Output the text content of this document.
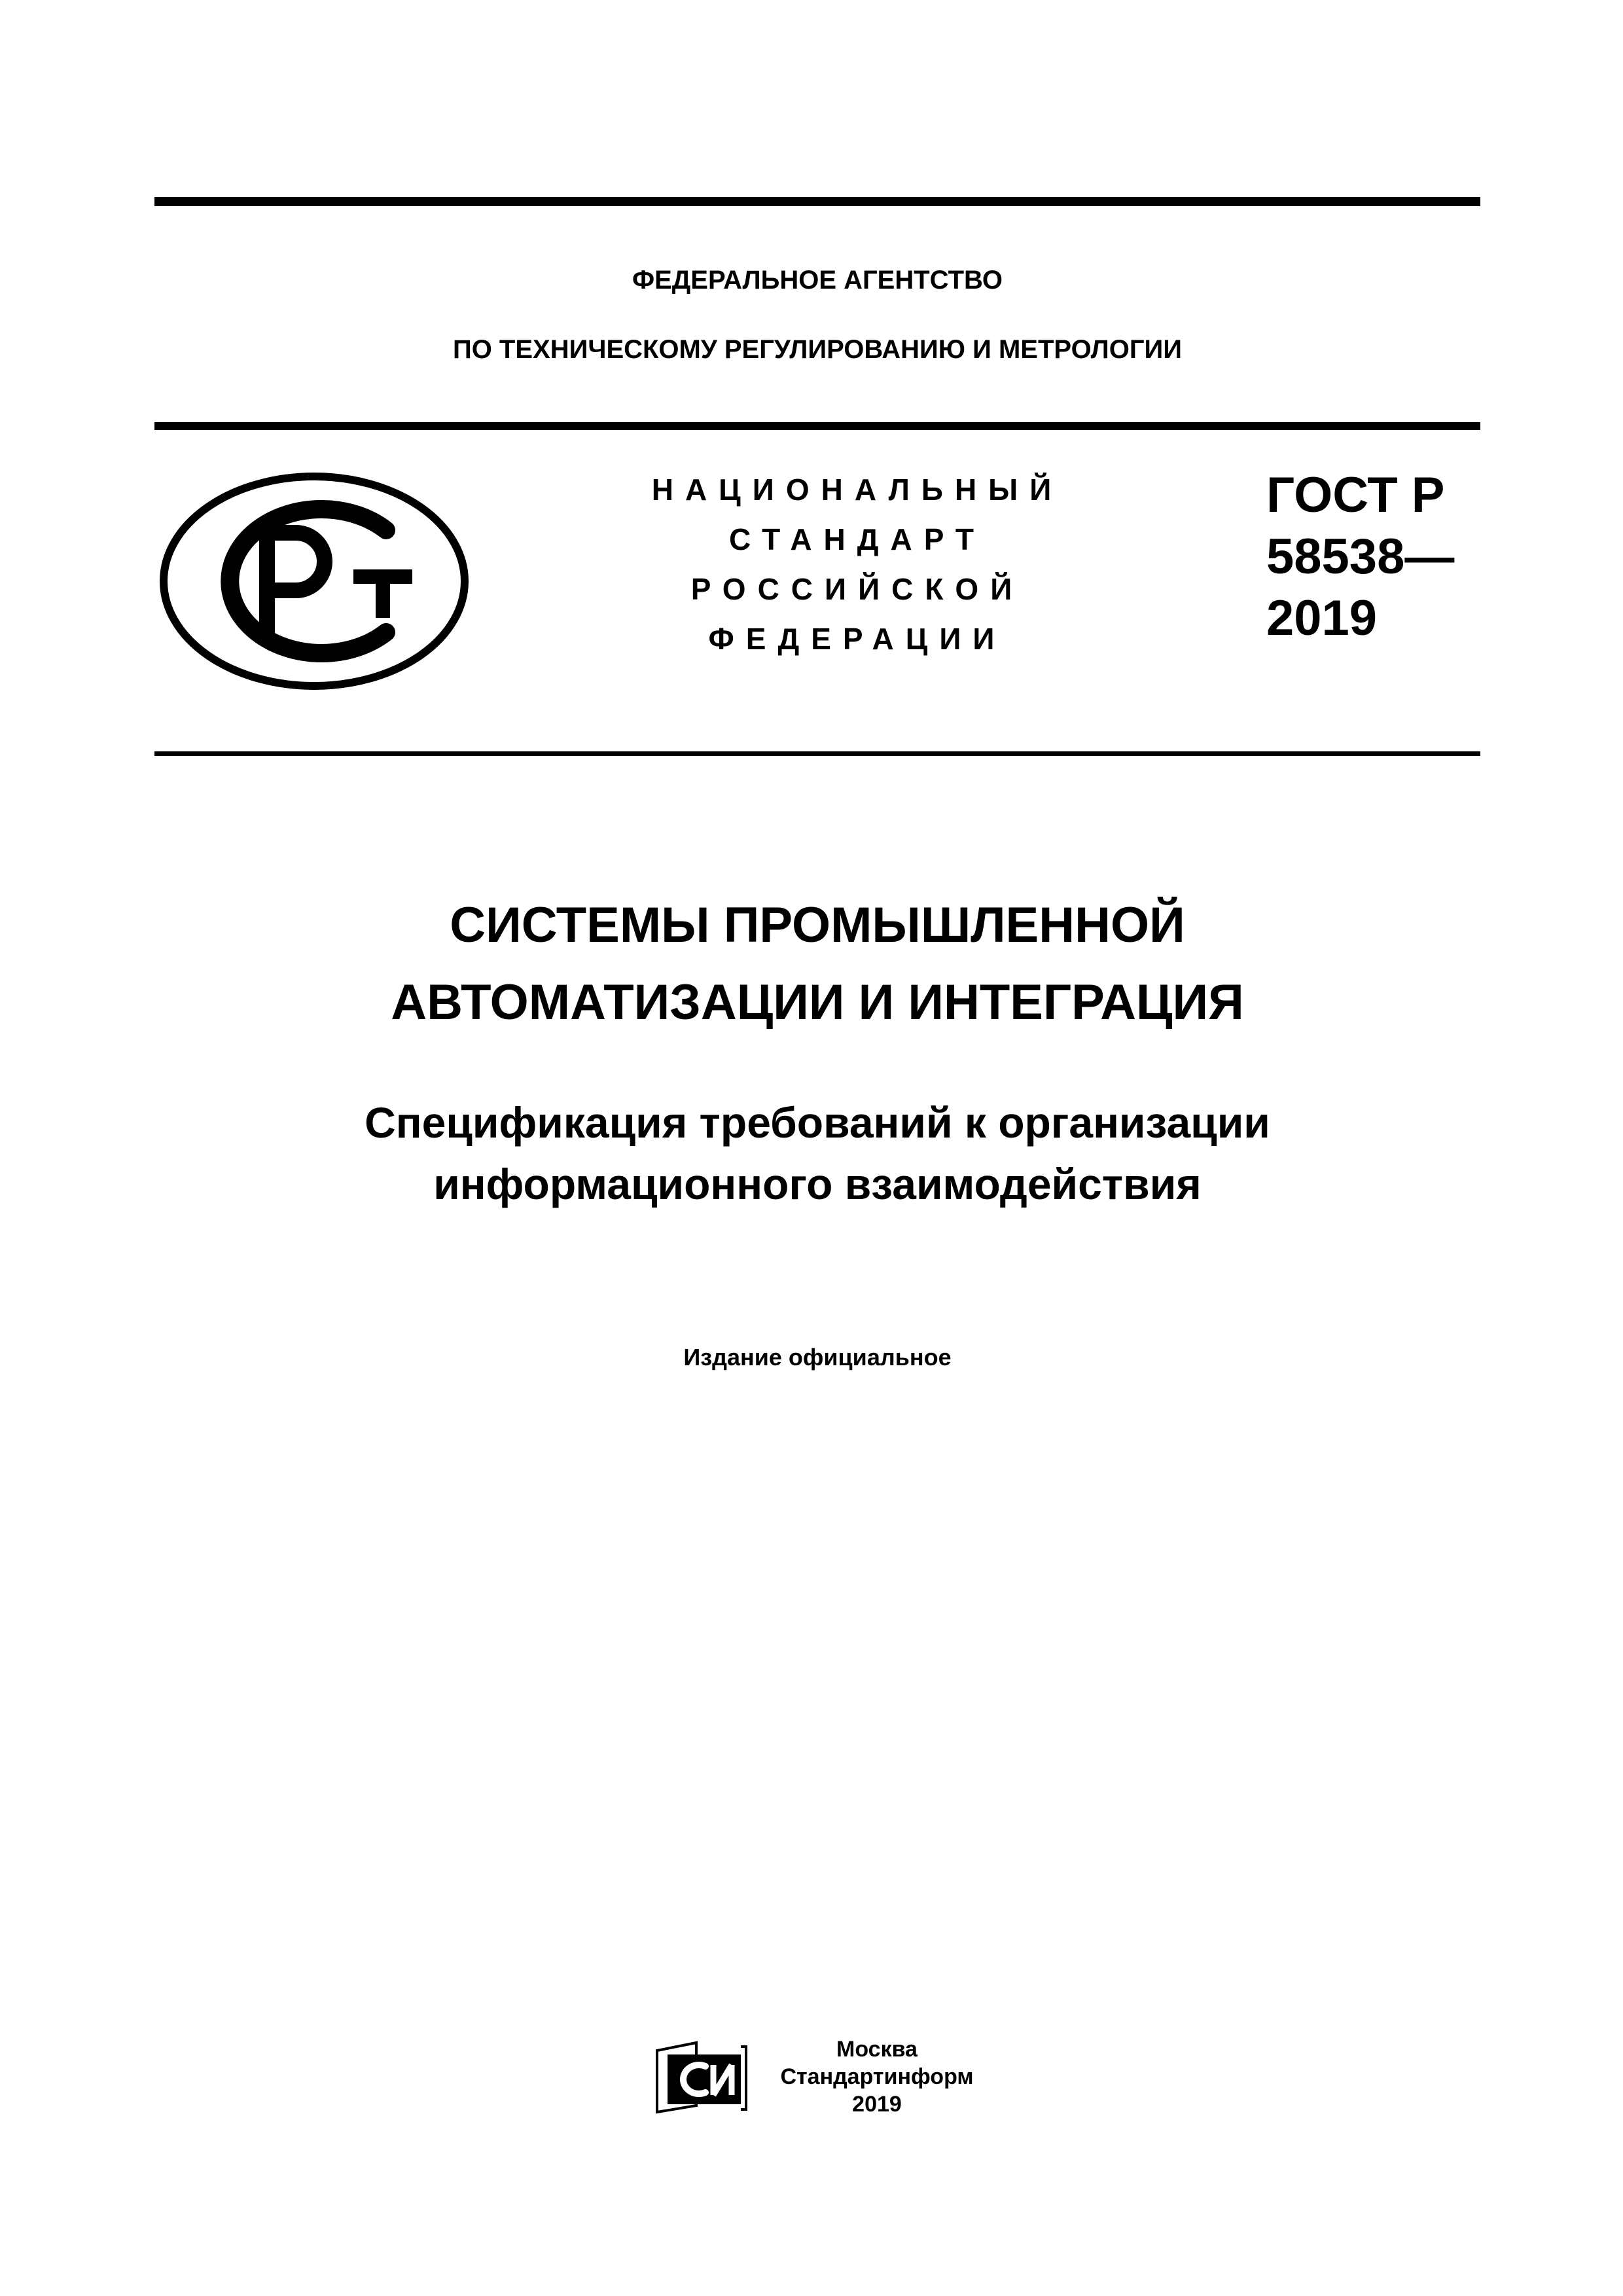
ФЕДЕРАЛЬНОЕ АГЕНТСТВО
ПО ТЕХНИЧЕСКОМУ РЕГУЛИРОВАНИЮ И МЕТРОЛОГИИ
НАЦИОНАЛЬНЫЙ
СТАНДАРТ
РОССИЙСКОЙ
ФЕДЕРАЦИИ
ГОСТ Р
58538—
2019
СИСТЕМЫ ПРОМЫШЛЕННОЙ
АВТОМАТИЗАЦИИ И ИНТЕГРАЦИЯ
Спецификация требований к организации
информационного взаимодействия
Издание официальное
Москва
Стандартинформ
2019
